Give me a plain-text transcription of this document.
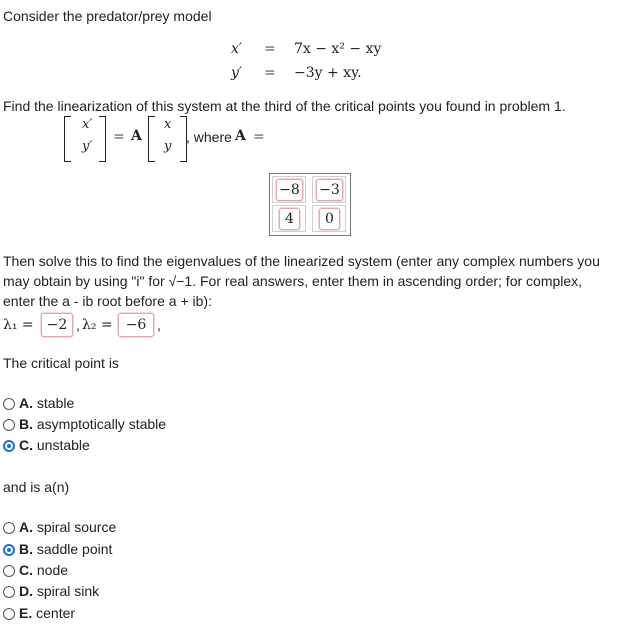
Consider the predator/prey model
x′ = 7x − x² − xy
y′ = −3y + xy.
Find the linearization of this system at the third of the critical points you found in problem 1.
x′
y′
= A
x
y
, where A =
−8 −3
4	0
Then solve this to find the eigenvalues of the linearized system (enter any complex numbers you
may obtain by using "i" for √−1. For real answers, enter them in ascending order; for complex,
enter the a - ib root before a + ib):
λ₁ = −2 , λ₂ = −6 ,
The critical point is
A. stable
B. asymptotically stable
C. unstable
and is a(n)
A. spiral source
B. saddle point
C. node
D. spiral sink
E. center
